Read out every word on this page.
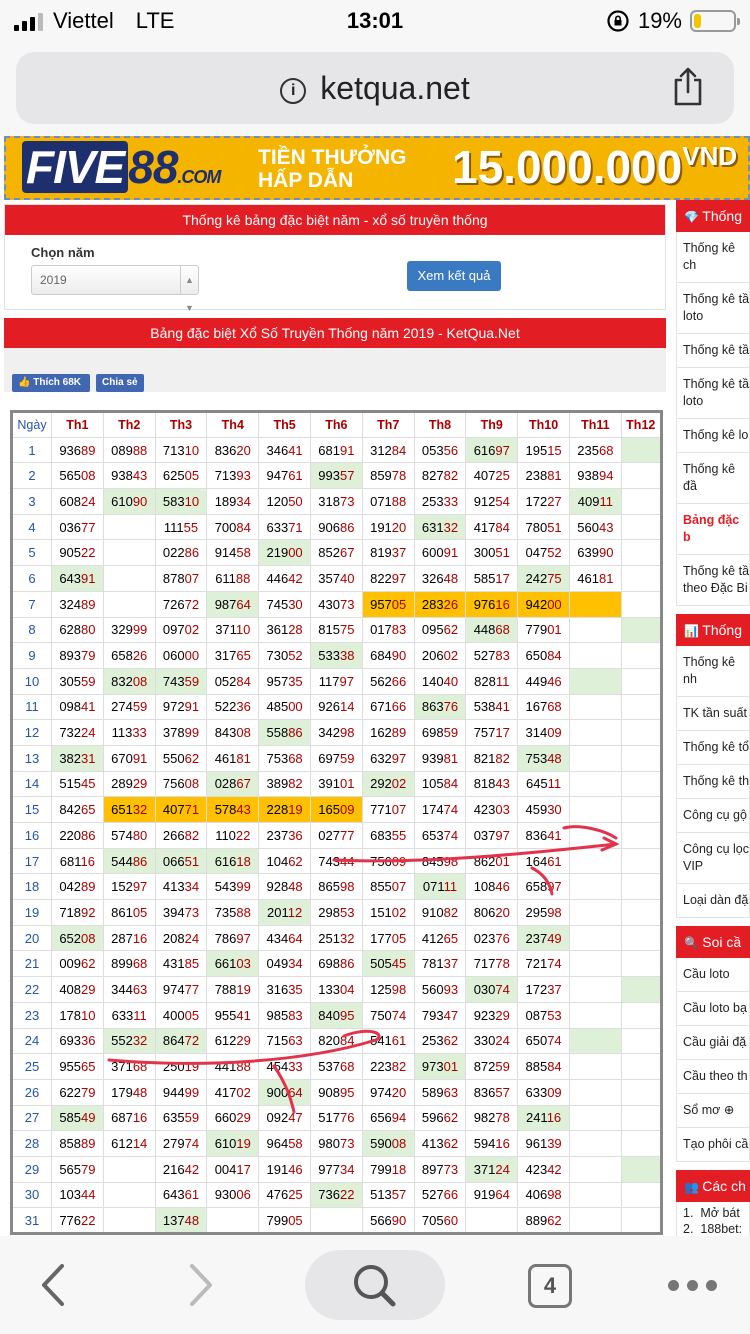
Viettel LTE	13:01	19%
i ketqua.net
FIVE88.COM
TIỀN THƯỞNG
HẤP DẪN	$15.000.000^{VND}$
Thống kê bảng đặc biệt năm - xổ số truyền thống
Chọn năm
2019	▲
▼
Xem kết quả
Bảng đặc biệt Xổ Số Truyền Thống năm 2019 - KetQua.Net
👍 Thích 68K	Chia sẻ
Ngày	Th1	Th2	Th3	Th4	Th5	Th6	Th7	Th8	Th9	Th10	Th11	Th12
1	93689	08988	71310	83620	34641	68191	31284	05356	61697	19515	23568	
2	56508	93843	62505	71393	94761	99357	85978	82782	40725	23881	93894	
3	60824	61090	58310	18934	12050	31873	07188	25333	91254	17227	40911	
4	03677		11155	70084	63371	90686	19120	63132	41784	78051	56043	
5	90522		02286	91458	21900	85267	81937	60091	30051	04752	63990	
6	64391		87807	61188	44642	35740	82297	32648	58517	24275	46181	
7	32489		72672	98764	74530	43073	95705	28326	97616	94200		
8	62880	32999	09702	37110	36128	81575	01783	09562	44868	77901		
9	89379	65826	06000	31765	73052	53338	68490	20602	52783	65084		
10	30559	83208	74359	05284	95735	11797	56266	14040	82811	44946		
11	09841	27459	97291	52236	48500	92614	67166	86376	53841	16768		
12	73224	11333	37899	84308	55886	34298	16289	69859	75717	31409		
13	38231	67091	55062	46181	75368	69759	63297	93981	82182	75348		
14	51545	28929	75608	02867	38982	39101	29202	10584	81843	64511		
15	84265	65132	40771	57843	22819	16509	77107	17474	42303	45930		
16	22086	57480	26682	11022	23736	02777	68355	65374	03797	83641		
17	68116	54486	06651	61618	10462	74344	75609	84598	86201	16461		
18	04289	15297	41334	54399	92848	86598	85507	07111	10846	65897		
19	71892	86105	39473	73588	20112	29853	15102	91082	80620	29598		
20	65208	28716	20824	78697	43464	25132	17705	41265	02376	23749		
21	00962	89968	43185	66103	04934	69886	50545	78137	71778	72174		
22	40829	34463	97477	78819	31635	13304	12598	56093	03074	17237		
23	17810	63311	40005	95541	98583	84095	75074	79347	92329	08753		
24	69336	55232	86472	61229	71563	82084	54161	25362	33024	65074		
25	95565	37168	25019	44188	45433	53768	22382	97301	87259	88584		
26	62279	17948	94499	41702	90064	90895	97420	58963	83657	63309		
27	58549	68716	63559	66029	09247	51776	65694	59662	98278	24116		
28	85889	61214	27974	61019	96458	98073	59008	41362	59416	96139		
29	56579		21642	00417	19146	97734	79918	89773	37124	42342		
30	10344		64361	93006	47625	73622	51357	52766	91964	40698		
31	77622		13748		79905		56690	70560		88962		
💎 Thống
Thống kê ch
Thống kê tầ loto
Thống kê tầ
Thống kê tầ loto
Thống kê lo
Thống kê đầ
Bảng đặc b
Thống kê tầ theo Đặc Bi
📊 Thống
Thống kê nh
TK tần suất
Thống kê tổ
Thống kê th
Công cụ gộ
Công cụ lọc VIP
Loại dàn đặ
🔍 Soi cầ
Cầu loto
Cầu loto bạ
Cầu giải đặ
Cầu theo th
Sổ mơ ⊕
Tạo phôi cầ
👥 Các ch
1.  Mở bát
2.  188bet:
4
